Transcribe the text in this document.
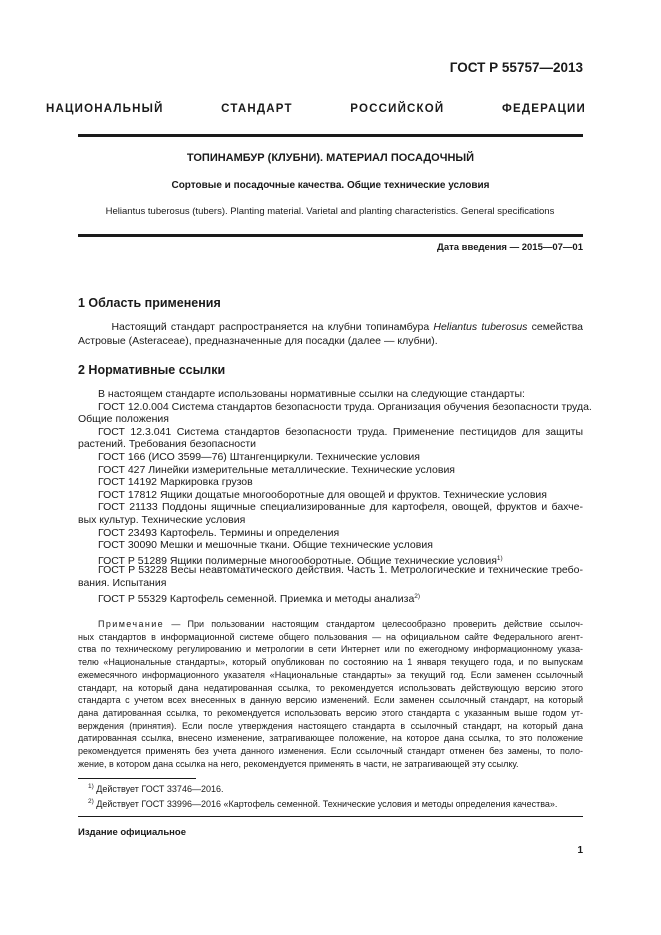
ГОСТ Р 55757—2013
НАЦИОНАЛЬНЫЙ СТАНДАРТ РОССИЙСКОЙ ФЕДЕРАЦИИ
ТОПИНАМБУР (КЛУБНИ). МАТЕРИАЛ ПОСАДОЧНЫЙ
Сортовые и посадочные качества. Общие технические условия
Heliantus tuberosus (tubers). Planting material. Varietal and planting characteristics. General specifications
Дата введения — 2015—07—01
1 Область применения
Настоящий стандарт распространяется на клубни топинамбура Heliantus tuberosus семейства
Астровые (Asteraceae), предназначенные для посадки (далее — клубни).
2 Нормативные ссылки
В настоящем стандарте использованы нормативные ссылки на следующие стандарты:
ГОСТ 12.0.004 Система стандартов безопасности труда. Организация обучения безопасности труда.
Общие положения
ГОСТ 12.3.041 Система стандартов безопасности труда. Применение пестицидов для защиты
растений. Требования безопасности
ГОСТ 166 (ИСО 3599—76) Штангенциркули. Технические условия
ГОСТ 427 Линейки измерительные металлические. Технические условия
ГОСТ 14192 Маркировка грузов
ГОСТ 17812 Ящики дощатые многооборотные для овощей и фруктов. Технические условия
ГОСТ 21133 Поддоны ящичные специализированные для картофеля, овощей, фруктов и бахче-
вых культур. Технические условия
ГОСТ 23493 Картофель. Термины и определения
ГОСТ 30090 Мешки и мешочные ткани. Общие технические условия
ГОСТ Р 51289 Ящики полимерные многооборотные. Общие технические условия$^{1)}$
ГОСТ Р 53228 Весы неавтоматического действия. Часть 1. Метрологические и технические требо-
вания. Испытания
ГОСТ Р 55329 Картофель семенной. Приемка и методы анализа$^{2)}$
Примечание — При пользовании настоящим стандартом целесообразно проверить действие ссылоч-
ных стандартов в информационной системе общего пользования — на официальном сайте Федерального агент-
ства по техническому регулированию и метрологии в сети Интернет или по ежегодному информационному указа-
телю «Национальные стандарты», который опубликован по состоянию на 1 января текущего года, и по выпускам
ежемесячного информационного указателя «Национальные стандарты» за текущий год. Если заменен ссылочный
стандарт, на который дана недатированная ссылка, то рекомендуется использовать действующую версию этого
стандарта с учетом всех внесенных в данную версию изменений. Если заменен ссылочный стандарт, на который
дана датированная ссылка, то рекомендуется использовать версию этого стандарта с указанным выше годом ут-
верждения (принятия). Если после утверждения настоящего стандарта в ссылочный стандарт, на который дана
датированная ссылка, внесено изменение, затрагивающее положение, на которое дана ссылка, то это положение
рекомендуется применять без учета данного изменения. Если ссылочный стандарт отменен без замены, то поло-
жение, в котором дана ссылка на него, рекомендуется применять в части, не затрагивающей эту ссылку.
$^{1)}$ Действует ГОСТ 33746—2016.
$^{2)}$ Действует ГОСТ 33996—2016 «Картофель семенной. Технические условия и методы определения качества».
Издание официальное
1
